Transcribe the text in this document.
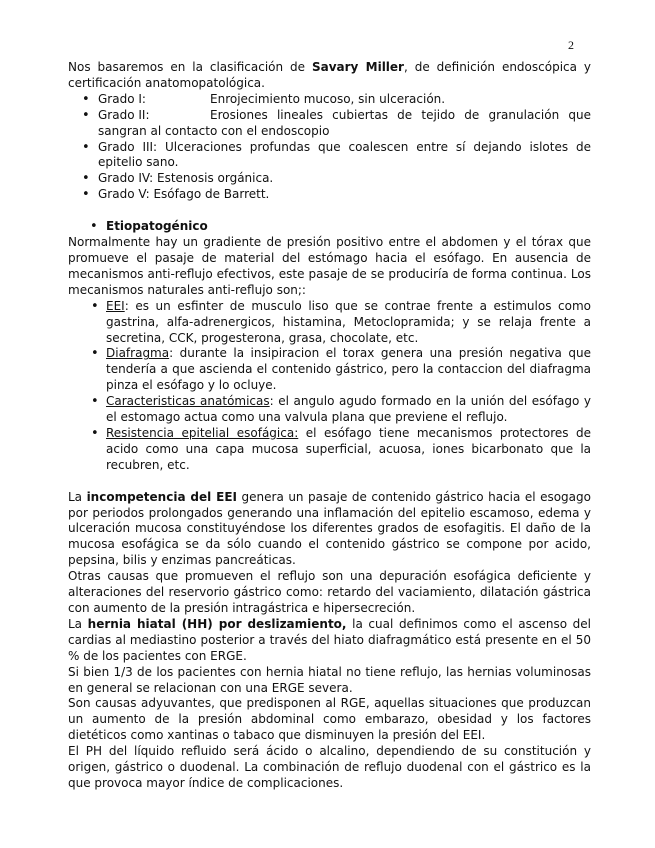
2

Nos basaremos en la clasificación de Savary Miller, de definición endoscópica y certificación anatomopatológica.

• Grado I:	Enrojecimiento mucoso, sin ulceración.
• Grado II:	Erosiones lineales cubiertas de tejido de granulación que sangran al contacto con el endoscopio
• Grado III: Ulceraciones profundas que coalescen entre sí dejando islotes de epitelio sano.
• Grado IV: Estenosis orgánica.
• Grado V: Esófago de Barrett.
• Etiopatogénico

Normalmente hay un gradiente de presión positivo entre el abdomen y el tórax que promueve el pasaje de material del estómago hacia el esófago. En ausencia de mecanismos anti-reflujo efectivos, este pasaje de se produciría de forma continua. Los mecanismos naturales anti-reflujo son;:

• EEI: es un esfinter de musculo liso que se contrae frente a estimulos como gastrina, alfa-adrenergicos, histamina, Metoclopramida; y se relaja frente a secretina, CCK, progesterona, grasa, chocolate, etc.
• Diafragma: durante la insipiracion el torax genera una presión negativa que tendería a que ascienda el contenido gástrico, pero la contaccion del diafragma pinza el esófago y lo ocluye.
• Caracteristicas anatómicas: el angulo agudo formado en la unión del esófago y el estomago actua como una valvula plana que previene el reflujo.
• Resistencia epitelial esofágica: el esófago tiene mecanismos protectores de acido como una capa mucosa superficial, acuosa, iones bicarbonato que la recubren, etc.

La incompetencia del EEI genera un pasaje de contenido gástrico hacia el esogago por periodos prolongados generando una inflamación del epitelio escamoso, edema y ulceración mucosa constituyéndose los diferentes grados de esofagitis. El daño de la mucosa esofágica se da sólo cuando el contenido gástrico se compone por acido, pepsina, bilis y enzimas pancreáticas.

Otras causas que promueven el reflujo son una depuración esofágica deficiente y alteraciones del reservorio gástrico como: retardo del vaciamiento, dilatación gástrica con aumento de la presión intragástrica e hipersecreción.

La hernia hiatal (HH) por deslizamiento, la cual definimos como el ascenso del cardias al mediastino posterior a través del hiato diafragmático está presente en el 50 % de los pacientes con ERGE.

Si bien 1/3 de los pacientes con hernia hiatal no tiene reflujo, las hernias voluminosas en general se relacionan con una ERGE severa.

Son causas adyuvantes, que predisponen al RGE, aquellas situaciones que produzcan un aumento de la presión abdominal como embarazo, obesidad y los factores dietéticos como xantinas o tabaco que disminuyen la presión del EEI.

El PH del líquido refluido será ácido o alcalino, dependiendo de su constitución y origen, gástrico o duodenal. La combinación de reflujo duodenal con el gástrico es la que provoca mayor índice de complicaciones.
